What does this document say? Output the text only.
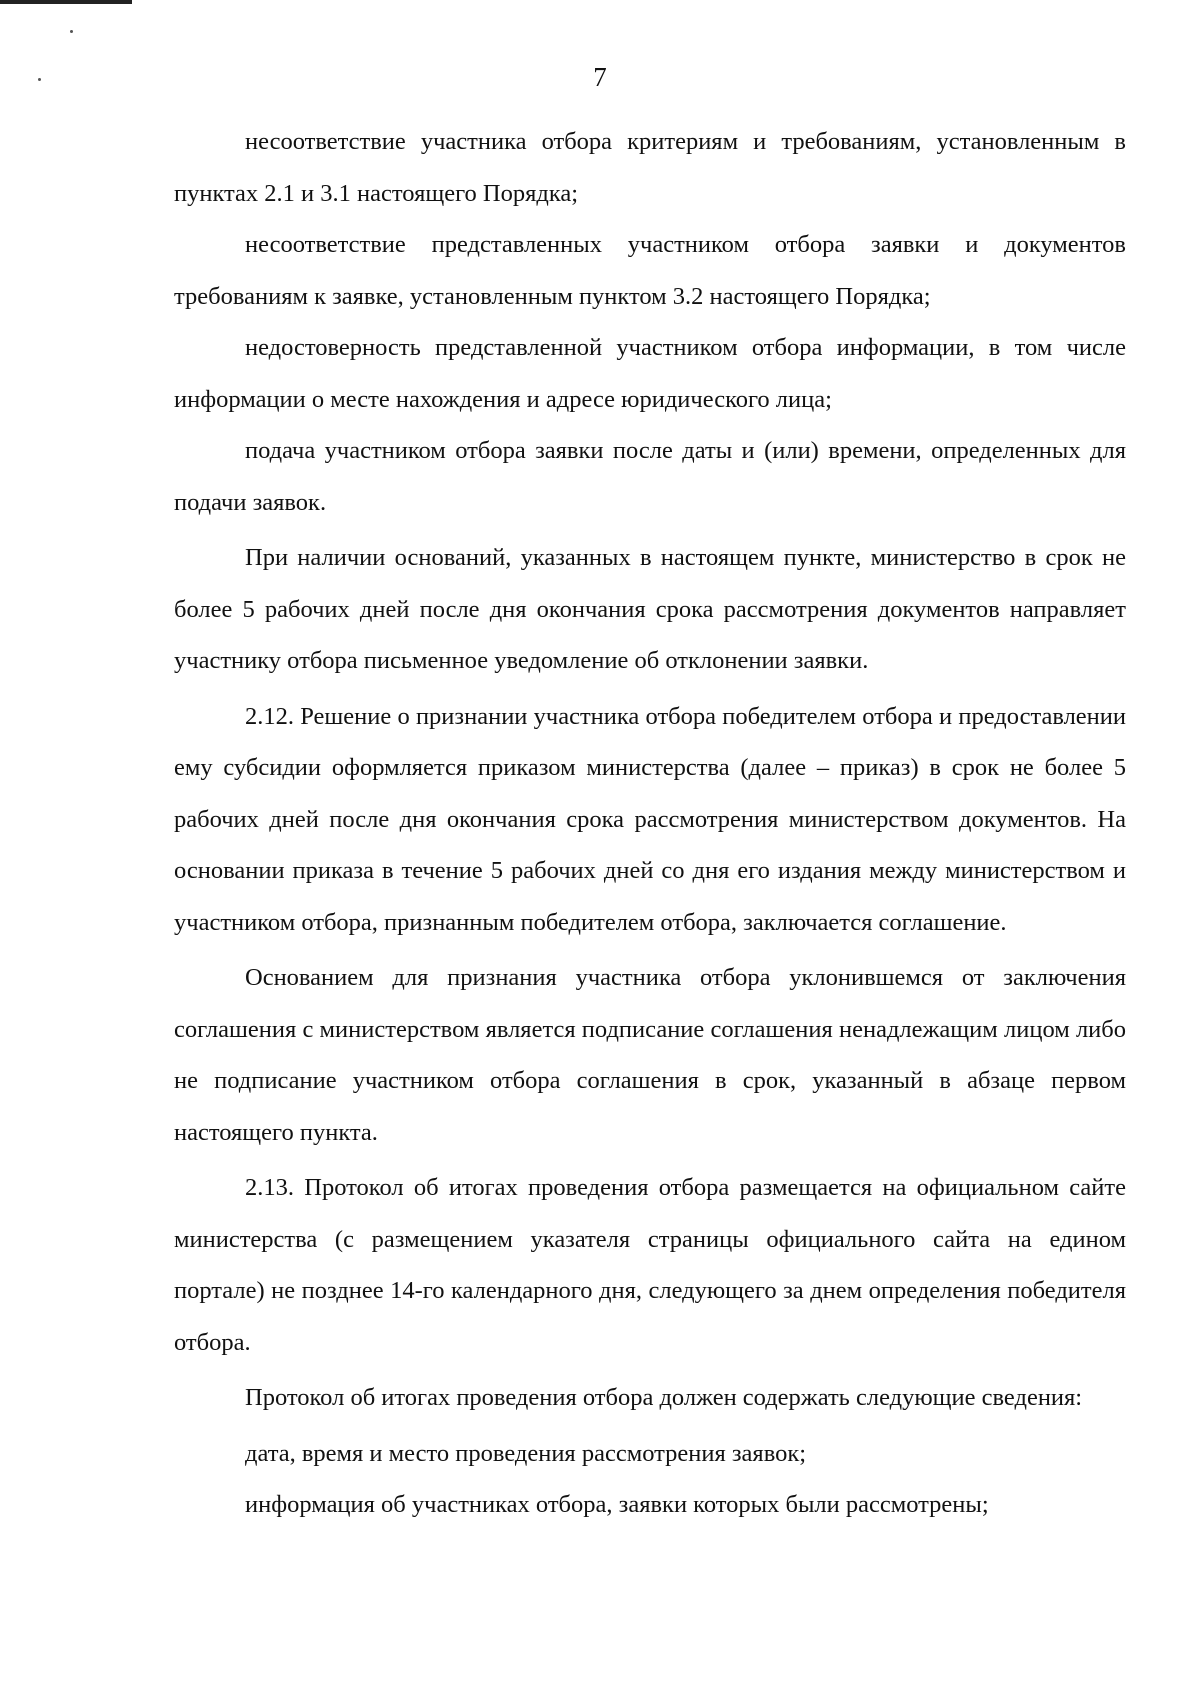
7

несоответствие участника отбора критериям и требованиям, установленным в пунктах 2.1 и 3.1 настоящего Порядка;

несоответствие представленных участником отбора заявки и документов требованиям к заявке, установленным пунктом 3.2 настоящего Порядка;

недостоверность представленной участником отбора информации, в том числе информации о месте нахождения и адресе юридического лица;

подача участником отбора заявки после даты и (или) времени, определенных для подачи заявок.

При наличии оснований, указанных в настоящем пункте, министерство в срок не более 5 рабочих дней после дня окончания срока рассмотрения документов направляет участнику отбора письменное уведомление об отклонении заявки.

2.12. Решение о признании участника отбора победителем отбора и предоставлении ему субсидии оформляется приказом министерства (далее – приказ) в срок не более 5 рабочих дней после дня окончания срока рассмотрения министерством документов. На основании приказа в течение 5 рабочих дней со дня его издания между министерством и участником отбора, признанным победителем отбора, заключается соглашение.

Основанием для признания участника отбора уклонившемся от заключения соглашения с министерством является подписание соглашения ненадлежащим лицом либо не подписание участником отбора соглашения в срок, указанный в абзаце первом настоящего пункта.

2.13. Протокол об итогах проведения отбора размещается на официальном сайте министерства (с размещением указателя страницы официального сайта на едином портале) не позднее 14-го календарного дня, следующего за днем определения победителя отбора.

Протокол об итогах проведения отбора должен содержать следующие сведения:

дата, время и место проведения рассмотрения заявок;

информация об участниках отбора, заявки которых были рассмотрены;
